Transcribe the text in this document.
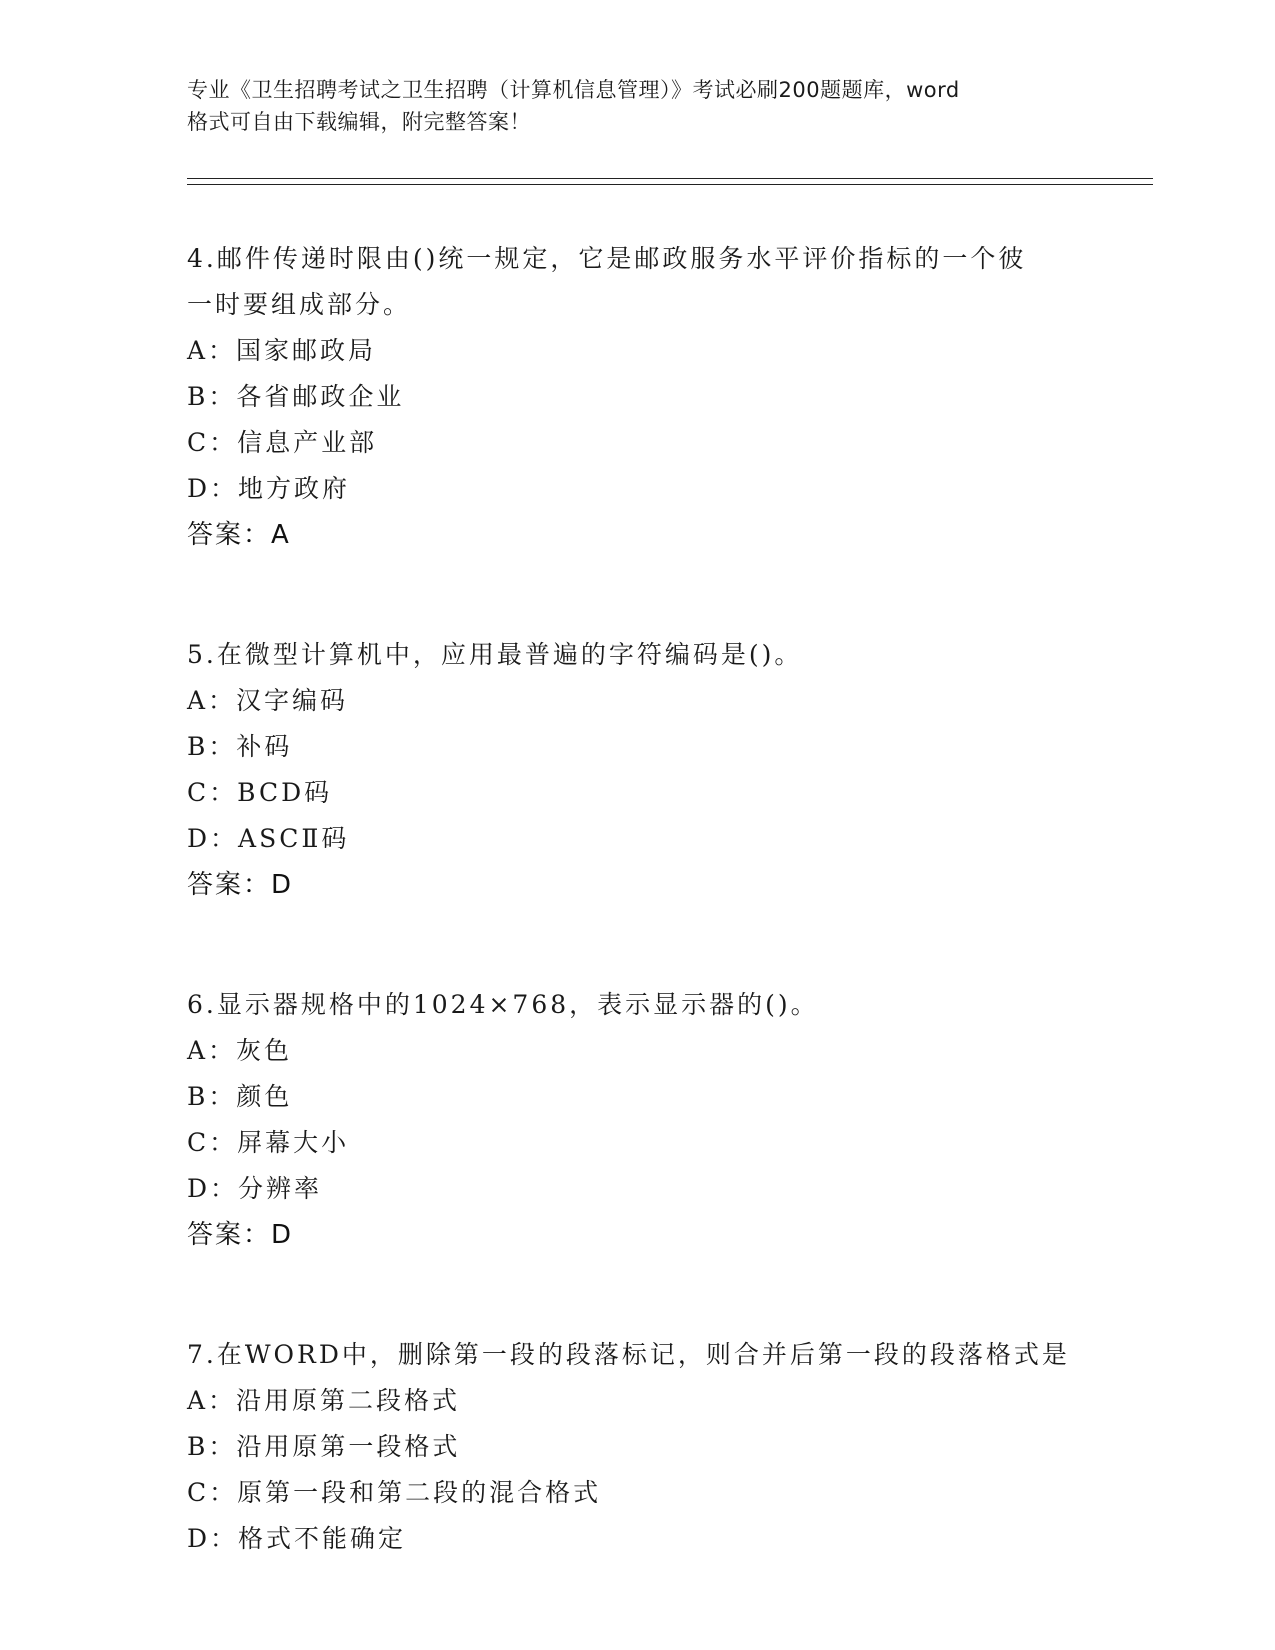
专业《卫生招聘考试之卫生招聘（计算机信息管理）》考试必刷200题题库，word
格式可自由下载编辑，附完整答案！
4.邮件传递时限由()统一规定，它是邮政服务水平评价指标的一个彼
一时要组成部分。
A：国家邮政局
B：各省邮政企业
C：信息产业部
D：地方政府
答案：A
5.在微型计算机中，应用最普遍的字符编码是()。
A：汉字编码
B：补码
C：BCD码
D：ASCⅡ码
答案：D
6.显示器规格中的1024×768，表示显示器的()。
A：灰色
B：颜色
C：屏幕大小
D：分辨率
答案：D
7.在WORD中，删除第一段的段落标记，则合并后第一段的段落格式是
A：沿用原第二段格式
B：沿用原第一段格式
C：原第一段和第二段的混合格式
D：格式不能确定
